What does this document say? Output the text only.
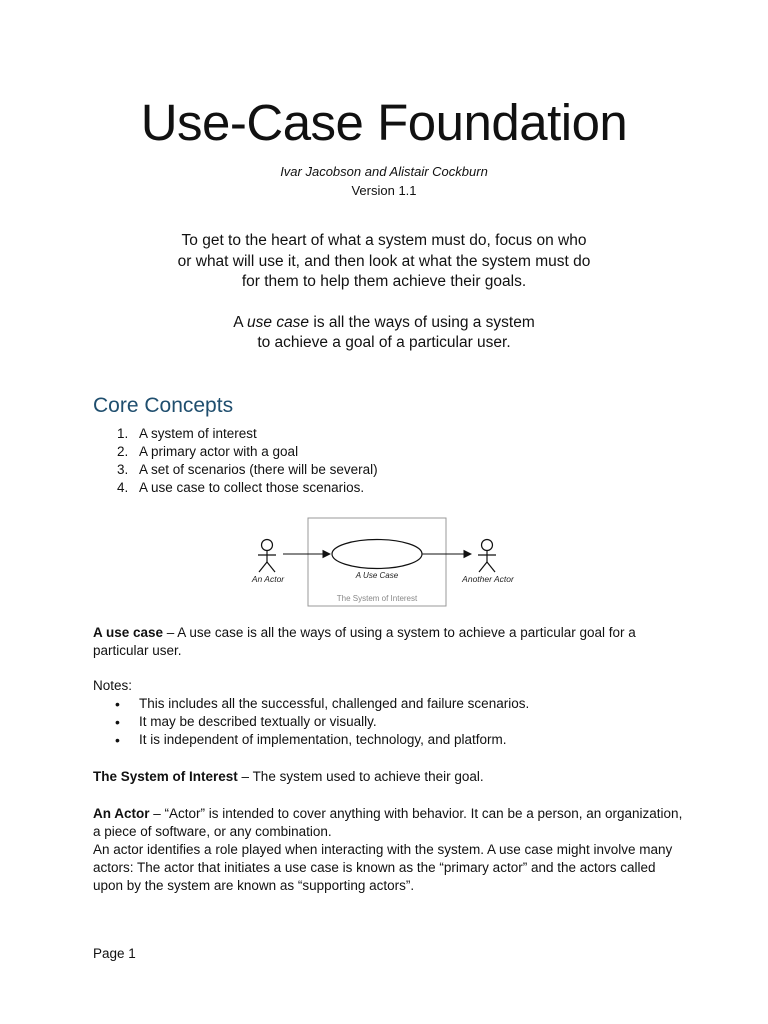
Use-Case Foundation
Ivar Jacobson and Alistair Cockburn
Version 1.1

To get to the heart of what a system must do, focus on who

or what will use it, and then look at what the system must do

for them to help them achieve their goals.

A use case is all the ways of using a system

to achieve a goal of a particular user.

Core Concepts
1. A system of interest
2. A primary actor with a goal
3. A set of scenarios (there will be several)
4. A use case to collect those scenarios.
An Actor	A Use Case
The System of Interest
Another Actor

A use case – A use case is all the ways of using a system to achieve a particular goal for a particular user.

Notes:

• This includes all the successful, challenged and failure scenarios.
• It may be described textually or visually.
• It is independent of implementation, technology, and platform.

The System of Interest – The system used to achieve their goal.

An Actor – “Actor” is intended to cover anything with behavior. It can be a person, an organization, a piece of software, or any combination.

An actor identifies a role played when interacting with the system. A use case might involve many actors: The actor that initiates a use case is known as the “primary actor” and the actors called upon by the system are known as “supporting actors”.

Page 1
